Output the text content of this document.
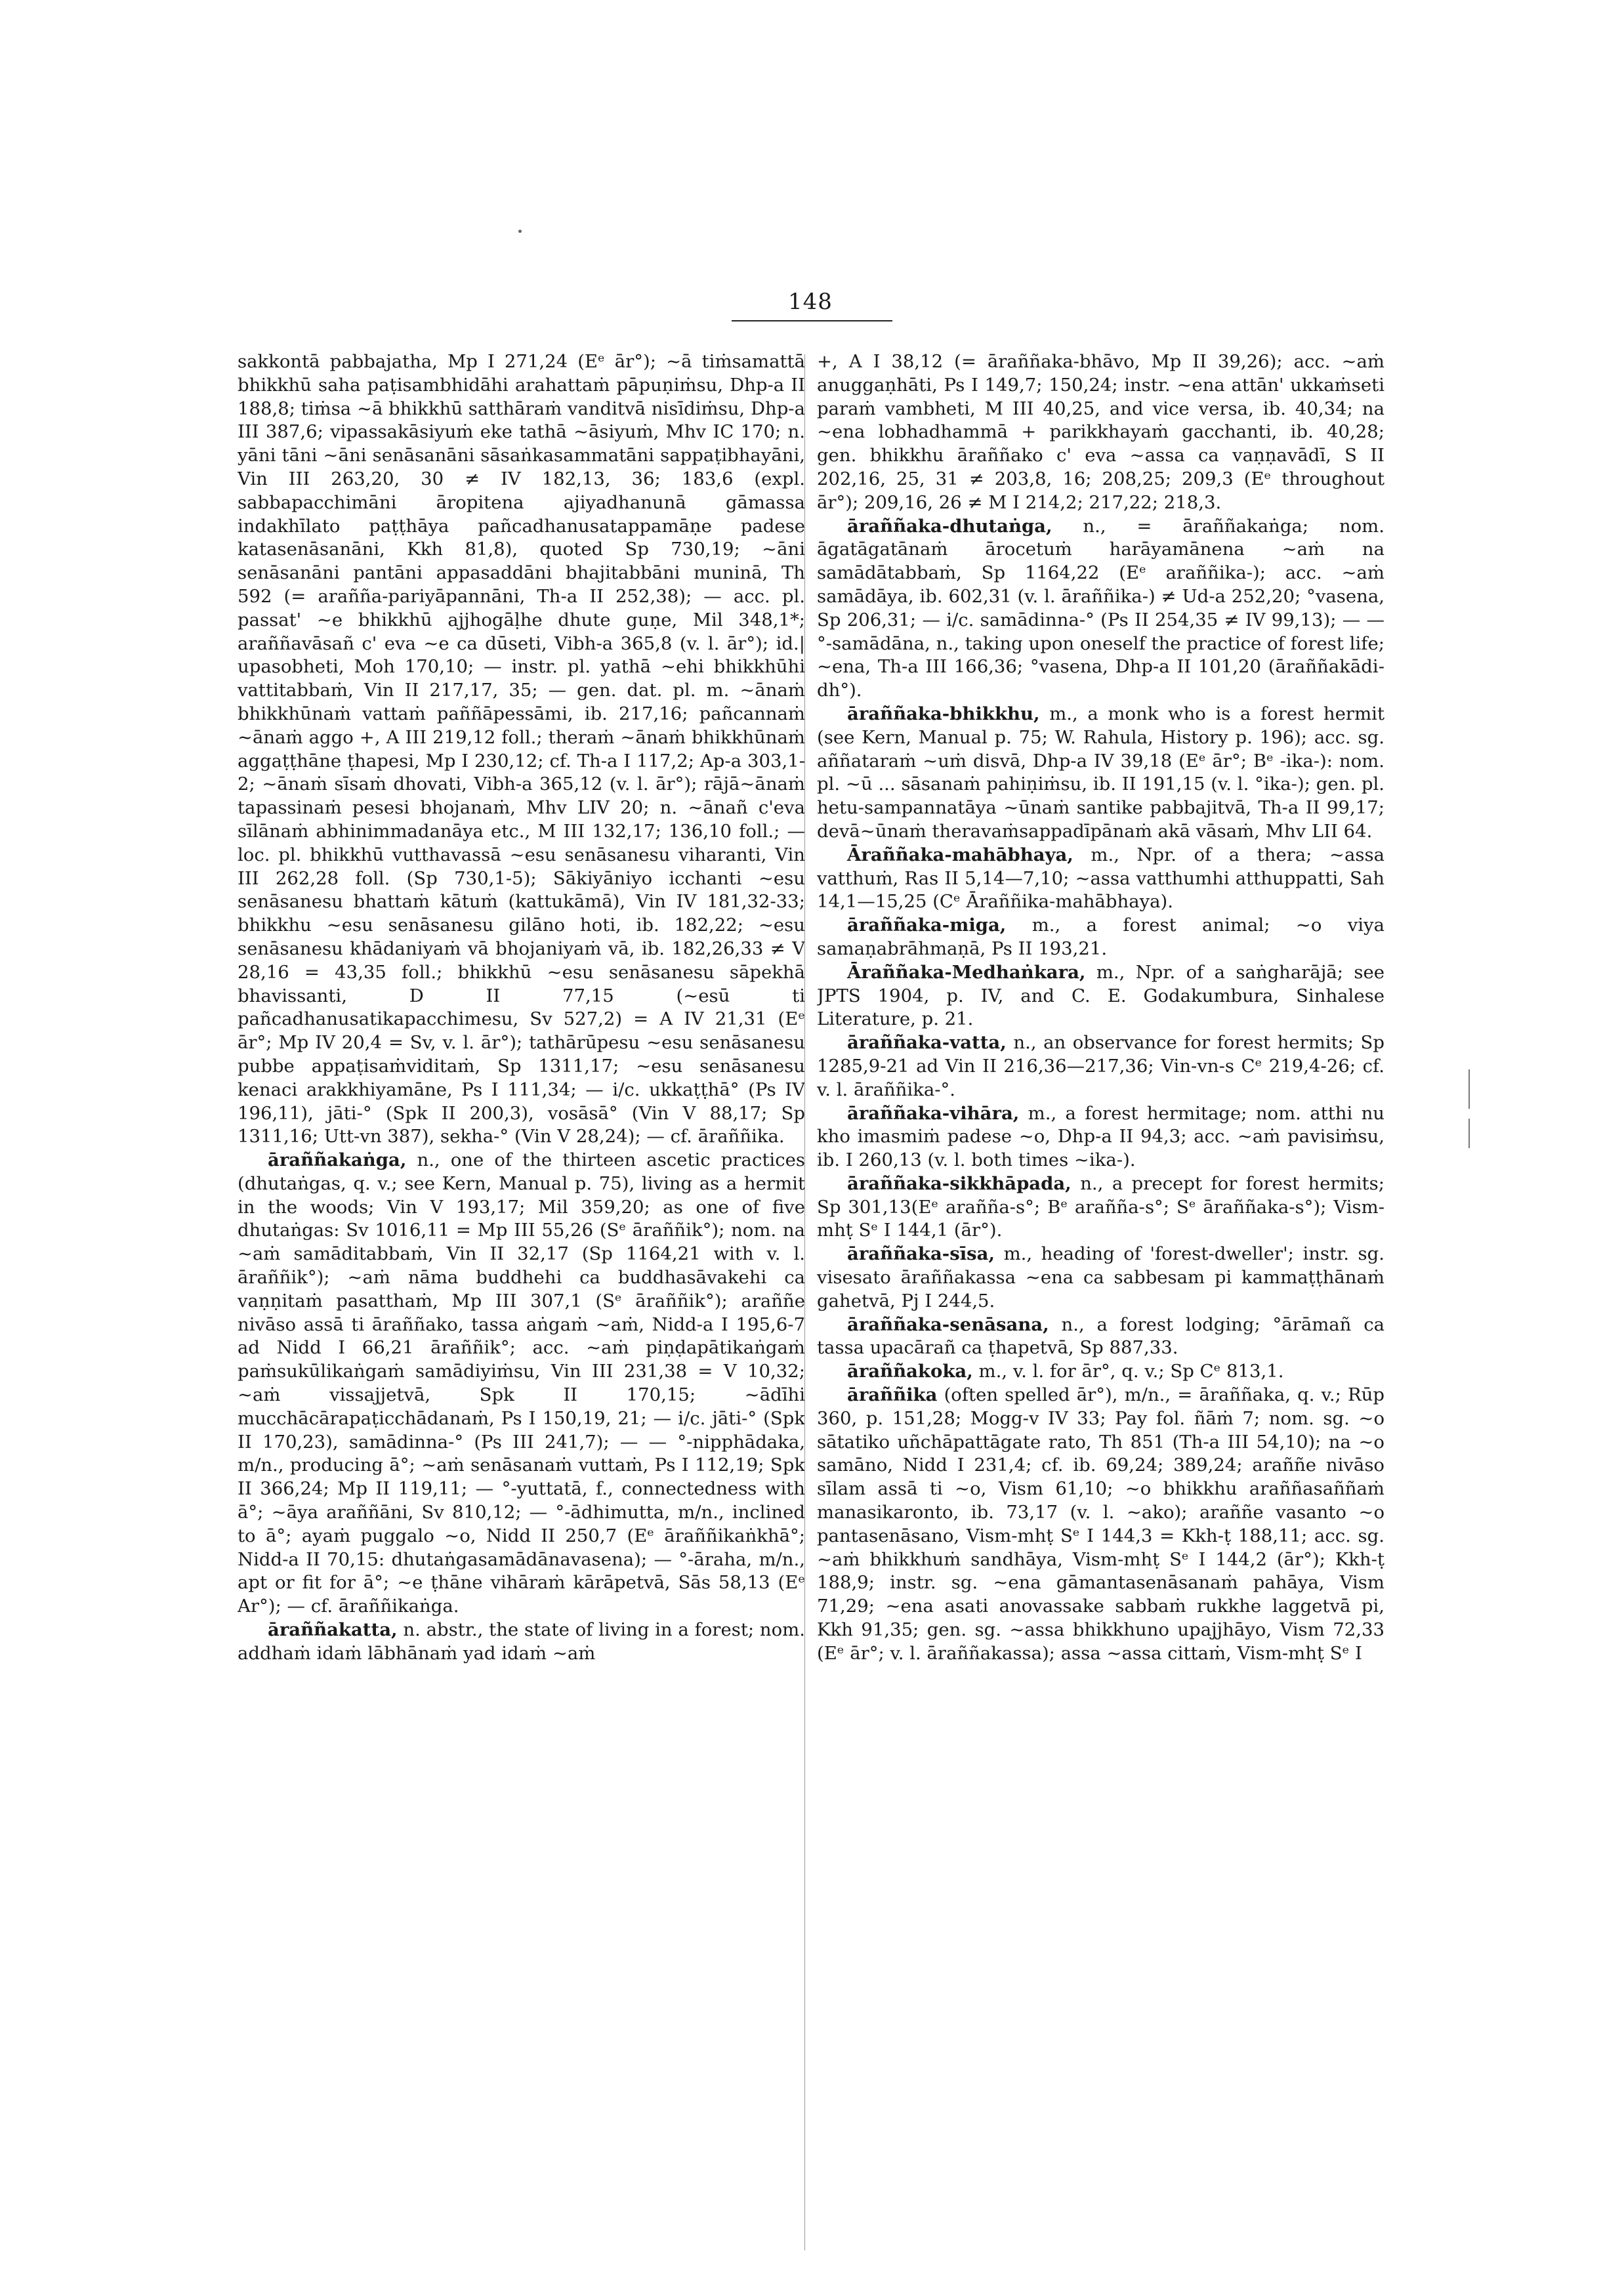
148

sakkontā pabbajatha, Mp I 271,24 (Eᵉ ār°); ~ā tiṁsamattā bhikkhū saha paṭisambhidāhi arahattaṁ pāpuṇiṁsu, Dhp-a II 188,8; tiṁsa ~ā bhikkhū satthāraṁ vanditvā nisīdiṁsu, Dhp-a III 387,6; vipassakāsiyuṁ eke tathā ~āsiyuṁ, Mhv IC 170; n. yāni tāni ~āni senāsanāni sāsaṅkasammatāni sappaṭibhayāni, Vin III 263,20, 30 ≠ IV 182,13, 36; 183,6 (expl. sabbapacchimāni āropitena ajiyadhanunā gāmassa indakhīlato paṭṭhāya pañcadhanusatappamāṇe padese katasenāsanāni, Kkh 81,8), quoted Sp 730,19; ~āni senāsanāni pantāni appasaddāni bhajitabbāni muninā, Th 592 (= arañña-pariyāpannāni, Th-a II 252,38); — acc. pl. passat' ~e bhikkhū ajjhogāḷhe dhute guṇe, Mil 348,1*; araññavāsañ c' eva ~e ca dūseti, Vibh-a 365,8 (v. l. ār°); id.| upasobheti, Moh 170,10; — instr. pl. yathā ~ehi bhikkhūhi vattitabbaṁ, Vin II 217,17, 35; — gen. dat. pl. m. ~ānaṁ bhikkhūnaṁ vattaṁ paññāpessāmi, ib. 217,16; pañcannaṁ ~ānaṁ aggo +, A III 219,12 foll.; theraṁ ~ānaṁ bhikkhūnaṁ aggaṭṭhāne ṭhapesi, Mp I 230,12; cf. Th-a I 117,2; Ap-a 303,1-2; ~ānaṁ sīsaṁ dhovati, Vibh-a 365,12 (v. l. ār°); rājā~ānaṁ tapassinaṁ pesesi bhojanaṁ, Mhv LIV 20; n. ~ānañ c'eva sīlānaṁ abhinimmadanāya etc., M III 132,17; 136,10 foll.; — loc. pl. bhikkhū vutthavassā ~esu senāsanesu viharanti, Vin III 262,28 foll. (Sp 730,1-5); Sākiyāniyo icchanti ~esu senāsanesu bhattaṁ kātuṁ (kattukāmā), Vin IV 181,32-33; bhikkhu ~esu senāsanesu gilāno hoti, ib. 182,22; ~esu senāsanesu khādaniyaṁ vā bhojaniyaṁ vā, ib. 182,26,33 ≠ V 28,16 = 43,35 foll.; bhikkhū ~esu senāsanesu sāpekhā bhavissanti, D II 77,15 (~esū ti pañcadhanusatikapacchimesu, Sv 527,2) = A IV 21,31 (Eᵉ ār°; Mp IV 20,4 = Sv, v. l. ār°); tathārūpesu ~esu senāsanesu pubbe appaṭisaṁviditaṁ, Sp 1311,17; ~esu senāsanesu kenaci arakkhiyamāne, Ps I 111,34; — i/c. ukkaṭṭhā° (Ps IV 196,11), jāti-° (Spk II 200,3), vosāsā° (Vin V 88,17; Sp 1311,16; Utt-vn 387), sekha-° (Vin V 28,24); — cf. āraññika.

āraññakaṅga, n., one of the thirteen ascetic practices (dhutaṅgas, q. v.; see Kern, Manual p. 75), living as a hermit in the woods; Vin V 193,17; Mil 359,20; as one of five dhutaṅgas: Sv 1016,11 = Mp III 55,26 (Sᵉ āraññik°); nom. na ~aṁ samāditabbaṁ, Vin II 32,17 (Sp 1164,21 with v. l. āraññik°); ~aṁ nāma buddhehi ca buddhasāvakehi ca vaṇṇitaṁ pasatthaṁ, Mp III 307,1 (Sᵉ āraññik°); araññe nivāso assā ti āraññako, tassa aṅgaṁ ~aṁ, Nidd-a I 195,6-7 ad Nidd I 66,21 āraññik°; acc. ~aṁ piṇḍapātikaṅgaṁ paṁsukūlikaṅgaṁ samādiyiṁsu, Vin III 231,38 = V 10,32; ~aṁ vissajjetvā, Spk II 170,15; ~ādīhi mucchācārapaṭicchādanaṁ, Ps I 150,19, 21; — i/c. jāti-° (Spk II 170,23), samādinna-° (Ps III 241,7); — — °-nipphādaka, m/n., producing ā°; ~aṁ senāsanaṁ vuttaṁ, Ps I 112,19; Spk II 366,24; Mp II 119,11; — °-yuttatā, f., connectedness with ā°; ~āya araññāni, Sv 810,12; — °-ādhimutta, m/n., inclined to ā°; ayaṁ puggalo ~o, Nidd II 250,7 (Eᵉ āraññikaṅkhā°; Nidd-a II 70,15: dhutaṅgasamādānavasena); — °-āraha, m/n., apt or fit for ā°; ~e ṭhāne vihāraṁ kārāpetvā, Sās 58,13 (Eᵉ Ar°); — cf. āraññikaṅga.

āraññakatta, n. abstr., the state of living in a forest; nom. addhaṁ idaṁ lābhānaṁ yad idaṁ ~aṁ

+, A I 38,12 (= āraññaka-bhāvo, Mp II 39,26); acc. ~aṁ anuggaṇhāti, Ps I 149,7; 150,24; instr. ~ena attān' ukkaṁseti paraṁ vambheti, M III 40,25, and vice versa, ib. 40,34; na ~ena lobhadhammā + parikkhayaṁ gacchanti, ib. 40,28; gen. bhikkhu āraññako c' eva ~assa ca vaṇṇavādī, S II 202,16, 25, 31 ≠ 203,8, 16; 208,25; 209,3 (Eᵉ throughout ār°); 209,16, 26 ≠ M I 214,2; 217,22; 218,3.

āraññaka-dhutaṅga, n., = āraññakaṅga; nom. āgatāgatānaṁ ārocetuṁ harāyamānena ~aṁ na samādātabbaṁ, Sp 1164,22 (Eᵉ araññika-); acc. ~aṁ samādāya, ib. 602,31 (v. l. āraññika-) ≠ Ud-a 252,20; °vasena, Sp 206,31; — i/c. samādinna-° (Ps II 254,35 ≠ IV 99,13); — — °-samādāna, n., taking upon oneself the practice of forest life; ~ena, Th-a III 166,36; °vasena, Dhp-a II 101,20 (āraññakādi-dh°).

āraññaka-bhikkhu, m., a monk who is a forest hermit (see Kern, Manual p. 75; W. Rahula, History p. 196); acc. sg. aññataraṁ ~uṁ disvā, Dhp-a IV 39,18 (Eᵉ ār°; Bᵉ -ika-): nom. pl. ~ū ... sāsanaṁ pahiṇiṁsu, ib. II 191,15 (v. l. °ika-); gen. pl. hetu-sampannatāya ~ūnaṁ santike pabbajitvā, Th-a II 99,17; devā~ūnaṁ theravaṁsappadīpānaṁ akā vāsaṁ, Mhv LII 64.

Āraññaka-mahābhaya, m., Npr. of a thera; ~assa vatthuṁ, Ras II 5,14—7,10; ~assa vatthumhi atthuppatti, Sah 14,1—15,25 (Cᵉ Āraññika-mahābhaya).

āraññaka-miga, m., a forest animal; ~o viya samaṇabrāhmaṇā, Ps II 193,21.

Āraññaka-Medhaṅkara, m., Npr. of a saṅgharājā; see JPTS 1904, p. IV, and C. E. Godakumbura, Sinhalese Literature, p. 21.

āraññaka-vatta, n., an observance for forest hermits; Sp 1285,9-21 ad Vin II 216,36—217,36; Vin-vn-s Cᵉ 219,4-26; cf. v. l. āraññika-°.

āraññaka-vihāra, m., a forest hermitage; nom. atthi nu kho imasmiṁ padese ~o, Dhp-a II 94,3; acc. ~aṁ pavisiṁsu, ib. I 260,13 (v. l. both times ~ika-).

āraññaka-sikkhāpada, n., a precept for forest hermits; Sp 301,13(Eᵉ arañña-s°; Bᵉ arañña-s°; Sᵉ āraññaka-s°); Vism-mhṭ Sᵉ I 144,1 (ār°).

āraññaka-sīsa, m., heading of 'forest-dweller'; instr. sg. visesato āraññakassa ~ena ca sabbesam pi kammaṭṭhānaṁ gahetvā, Pj I 244,5.

āraññaka-senāsana, n., a forest lodging; °ārāmañ ca tassa upacārañ ca ṭhapetvā, Sp 887,33.

āraññakoka, m., v. l. for ār°, q. v.; Sp Cᵉ 813,1.

āraññika (often spelled ār°), m/n., = āraññaka, q. v.; Rūp 360, p. 151,28; Mogg-v IV 33; Pay fol. ñāṁ 7; nom. sg. ~o sātatiko uñchāpattāgate rato, Th 851 (Th-a III 54,10); na ~o samāno, Nidd I 231,4; cf. ib. 69,24; 389,24; araññe nivāso sīlam assā ti ~o, Vism 61,10; ~o bhikkhu araññasaññaṁ manasikaronto, ib. 73,17 (v. l. ~ako); araññe vasanto ~o pantasenāsano, Vism-mhṭ Sᵉ I 144,3 = Kkh-ṭ 188,11; acc. sg. ~aṁ bhikkhuṁ sandhāya, Vism-mhṭ Sᵉ I 144,2 (ār°); Kkh-ṭ 188,9; instr. sg. ~ena gāmantasenāsanaṁ pahāya, Vism 71,29; ~ena asati anovassake sabbaṁ rukkhe laggetvā pi, Kkh 91,35; gen. sg. ~assa bhikkhuno upajjhāyo, Vism 72,33 (Eᵉ ār°; v. l. āraññakassa); assa ~assa cittaṁ, Vism-mhṭ Sᵉ I
